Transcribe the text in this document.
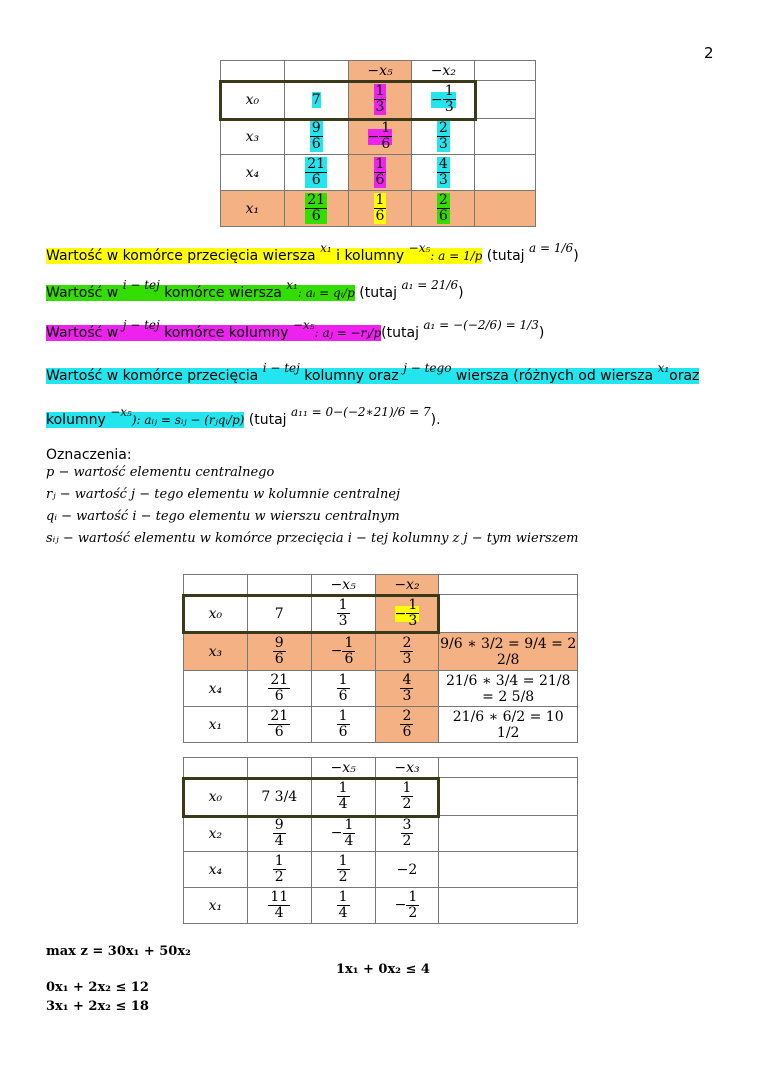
2
		−x₅	−x₂	
x₀	7	$\frac{1}{3}$	− $\frac{1}{3}$

x₃	$\frac{9}{6}$	− $\frac{1}{6}$	$\frac{2}{3}$

x₄	$\frac{21}{6}$	$\frac{1}{6}$	$\frac{4}{3}$

x₁	$\frac{21}{6}$	$\frac{1}{6}$	$\frac{2}{6}$

Wartość w komórce przecięcia wiersza x₁ i kolumny −x₅: a = 1/p (tutaj a = 1/6)
Wartość w i − tej komórce wiersza x₁: aᵢ = qᵢ/p (tutaj a₁ = 21/6)
Wartość w j − tej komórce kolumny −x₅: aⱼ = −rⱼ/p(tutaj a₁ = −(−2/6) = 1/3)
Wartość w komórce przecięcia i − tej kolumny oraz j − tego wiersza (różnych od wiersza x₁oraz
kolumny −x₅): aᵢⱼ = sᵢⱼ − (rⱼqᵢ/p) (tutaj a₁₁ = 0−(−2∗21)/6 = 7).
Oznaczenia:
p − wartość elementu centralnego
rⱼ − wartość j − tego elementu w kolumnie centralnej
qᵢ − wartość i − tego elementu w wierszu centralnym
sᵢⱼ − wartość elementu w komórce przecięcia i − tej kolumny z j − tym wierszem
		−x₅	−x₂	
x₀	7	$\frac{1}{3}$	− $\frac{1}{3}$

x₃	$\frac{9}{6}$	− $\frac{1}{6}$	$\frac{2}{3}$	9/6 ∗ 3/2 = 9/4 = 2 2/8
x₄	$\frac{21}{6}$	$\frac{1}{6}$	$\frac{4}{3}$	21/6 ∗ 3/4 = 21/8 = 2 5/8
x₁	$\frac{21}{6}$	$\frac{1}{6}$	$\frac{2}{6}$	21/6 ∗ 6/2 = 10 1/2
		−x₅	−x₃	
x₀	7 3/4	$\frac{1}{4}$	$\frac{1}{2}$

x₂	$\frac{9}{4}$	− $\frac{1}{4}$	$\frac{3}{2}$

x₄	$\frac{1}{2}$	$\frac{1}{2}$	−2	
x₁	$\frac{11}{4}$	$\frac{1}{4}$	− $\frac{1}{2}$

max z = 30x₁ + 50x₂
1x₁ + 0x₂ ≤ 4
0x₁ + 2x₂ ≤ 12
3x₁ + 2x₂ ≤ 18
